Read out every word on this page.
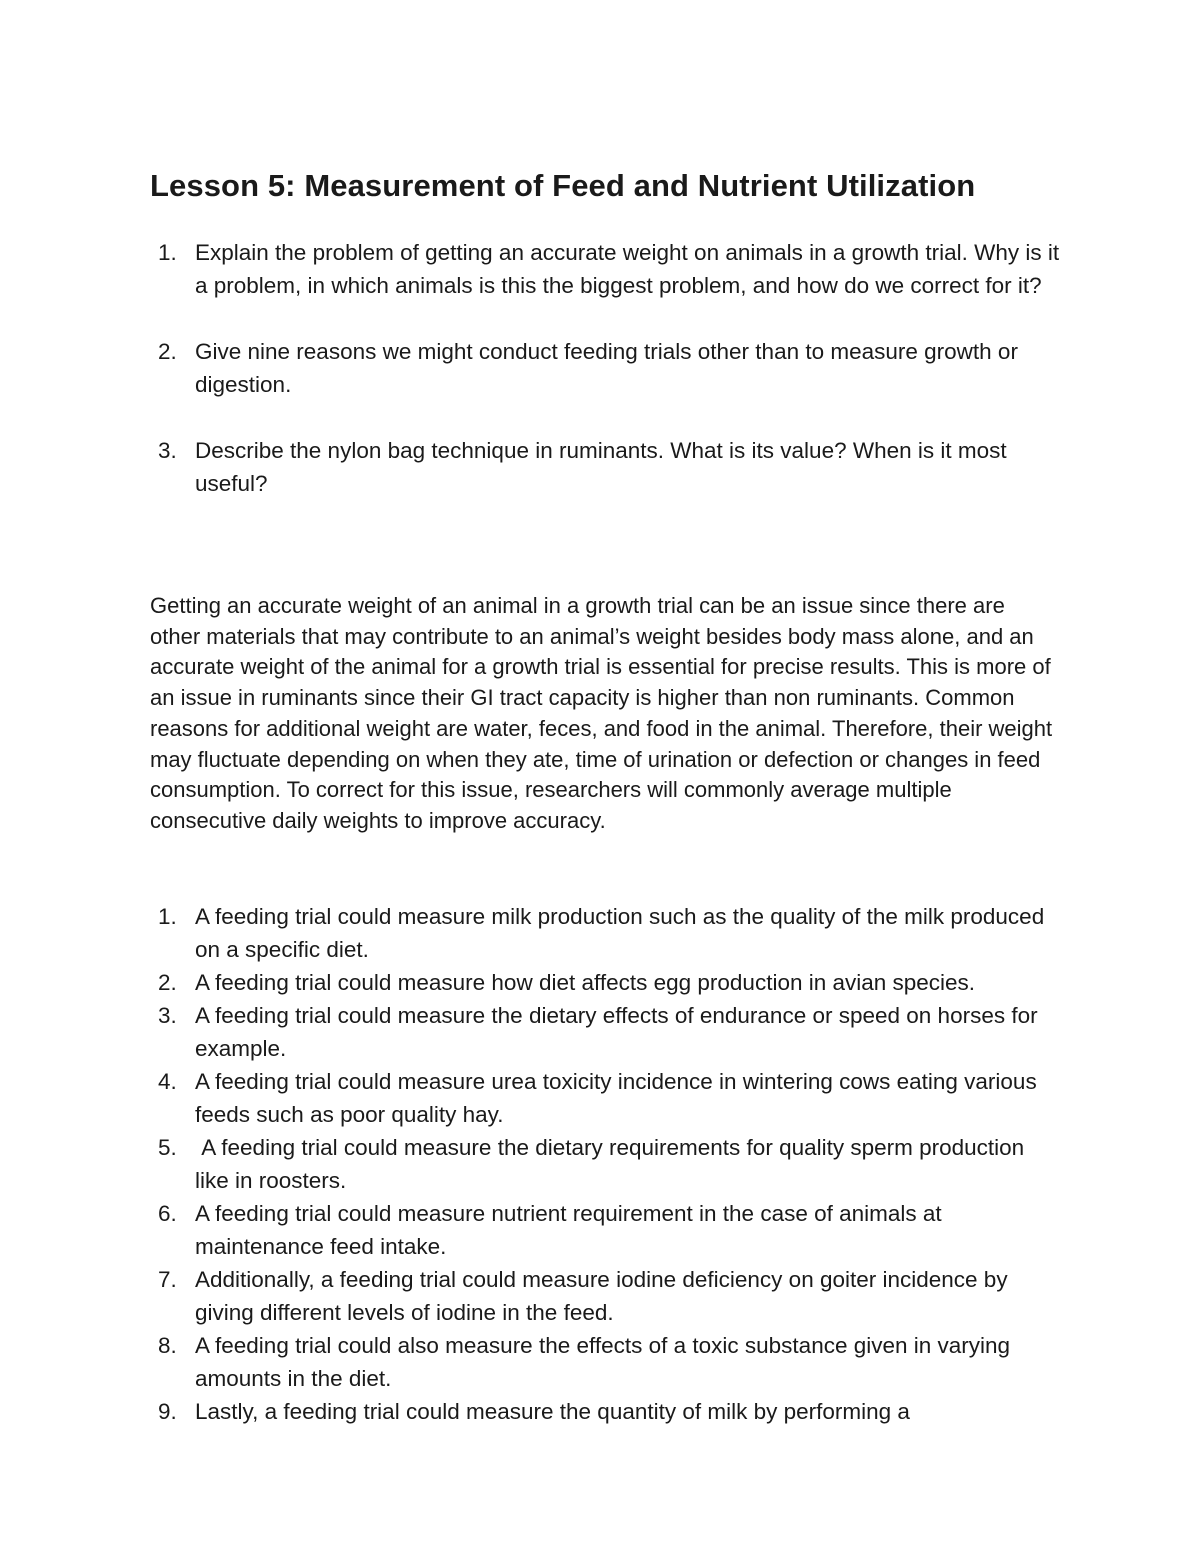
Lesson 5: Measurement of Feed and Nutrient Utilization
1. Explain the problem of getting an accurate weight on animals in a growth trial. Why is it a problem, in which animals is this the biggest problem, and how do we correct for it?
2. Give nine reasons we might conduct feeding trials other than to measure growth or digestion.
3. Describe the nylon bag technique in ruminants. What is its value? When is it most useful?

Getting an accurate weight of an animal in a growth trial can be an issue since there are other materials that may contribute to an animal’s weight besides body mass alone, and an accurate weight of the animal for a growth trial is essential for precise results. This is more of an issue in ruminants since their GI tract capacity is higher than non ruminants. Common reasons for additional weight are water, feces, and food in the animal. Therefore, their weight may fluctuate depending on when they ate, time of urination or defection or changes in feed consumption. To correct for this issue, researchers will commonly average multiple consecutive daily weights to improve accuracy.

1. A feeding trial could measure milk production such as the quality of the milk produced on a specific diet.
2. A feeding trial could measure how diet affects egg production in avian species.
3. A feeding trial could measure the dietary effects of endurance or speed on horses for example.
4. A feeding trial could measure urea toxicity incidence in wintering cows eating various feeds such as poor quality hay.
5. A feeding trial could measure the dietary requirements for quality sperm production like in roosters.
6. A feeding trial could measure nutrient requirement in the case of animals at maintenance feed intake.
7. Additionally, a feeding trial could measure iodine deficiency on goiter incidence by giving different levels of iodine in the feed.
8. A feeding trial could also measure the effects of a toxic substance given in varying amounts in the diet.
9. Lastly, a feeding trial could measure the quantity of milk by performing a
